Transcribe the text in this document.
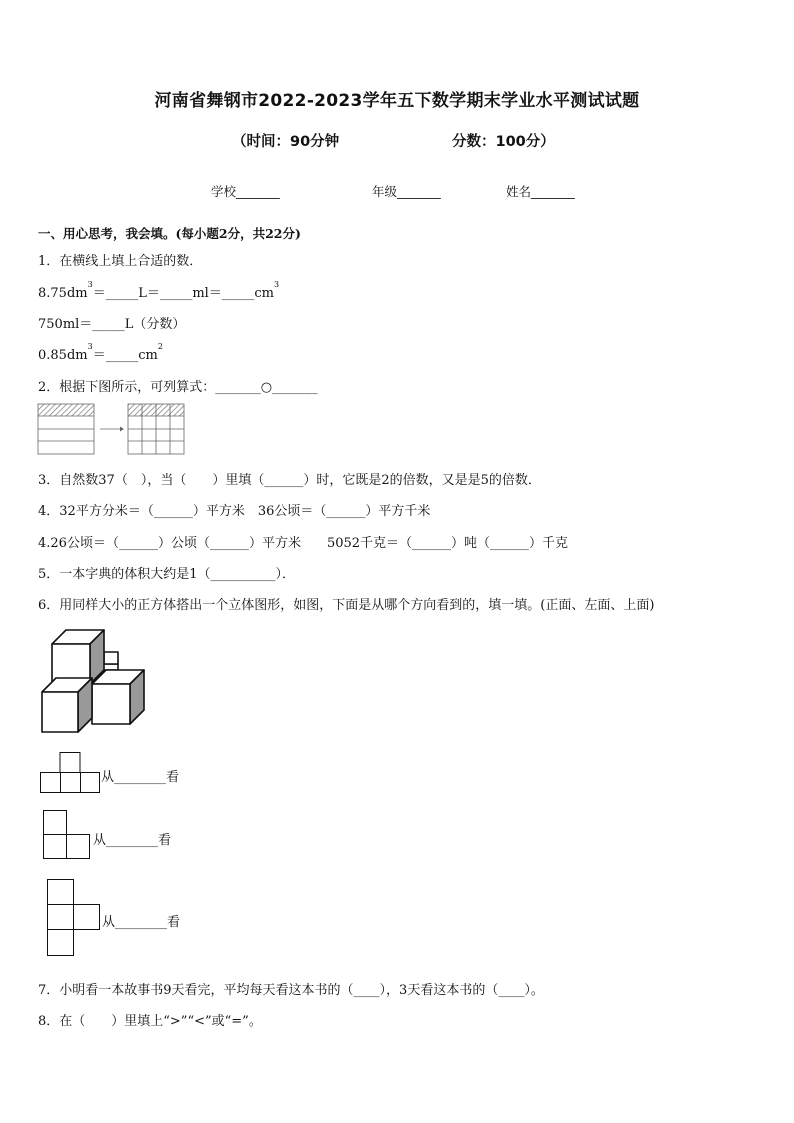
河南省舞钢市2022-2023学年五下数学期末学业水平测试试题
（时间：90分钟	分数：100分）
学校_______	年级_______	姓名_______
一、用心思考，我会填。(每小题2分，共22分)
1．在横线上填上合适的数．
$8.75dm^3=\_\_\_\_\_L=\_\_\_\_\_ml=\_\_\_\_\_cm^3$
750ml＝_____L（分数）
$0.85dm^3=\_\_\_\_\_cm^2$
2．根据下图所示，可列算式：_______○_______
3．自然数37（　），当（　　）里填（______）时，它既是2的倍数，又是是5的倍数．
4．32平方分米＝（______）平方米　36公顷＝（______）平方千米
4.26公顷＝（______）公顷（______）平方米　　5052千克＝（______）吨（______）千克
5．一本字典的体积大约是1（__________）．
6．用同样大小的正方体搭出一个立体图形，如图，下面是从哪个方向看到的，填一填。(正面、左面、上面)
从________看
从________看
从________看
7．小明看一本故事书9天看完，平均每天看这本书的（____），3天看这本书的（____）。
8．在（　　）里填上“>”“<”或“=”。
